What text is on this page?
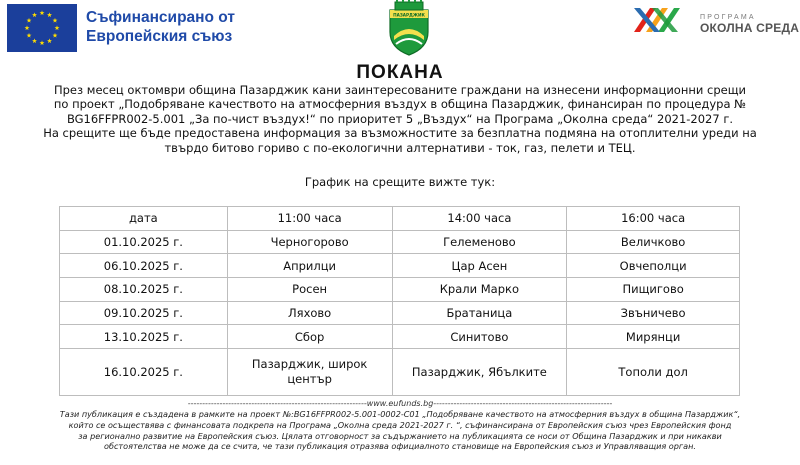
Съфинансирано от
Европейския съюз
ПАЗАРДЖИК	ПРОГРАМА
ОКОЛНА СРЕДА
ПОКАНА

През месец октомври община Пазарджик кани заинтересованите граждани на изнесени информационни срещи

по проект „Подобряване качеството на атмосферния въздух в община Пазарджик, финансиран по процедура №

BG16FFPR002-5.001 „За по-чист въздух!“ по приоритет 5 „Въздух“ на Програма „Околна среда“ 2021-2027 г.

На срещите ще бъде предоставена информация за възможностите за безплатна подмяна на отоплителни уреди на

твърдо битово гориво с по-екологични алтернативи - ток, газ, пелети и ТЕЦ.

График на срещите вижте тук:
дата	11:00 часа	14:00 часа	16:00 часа
01.10.2025 г.	Черногорово	Гелеменово	Величково
06.10.2025 г.	Априлци	Цар Асен	Овчеполци
08.10.2025 г.	Росен	Крали Марко	Пищигово
09.10.2025 г.	Ляхово	Братаница	Звъничево
13.10.2025 г.	Сбор	Синитово	Мирянци
16.10.2025 г.	Пазарджик, широк център	Пазарджик, Ябълките	Тополи дол
--------------------------------------------------------------www.eufunds.bg--------------------------------------------------------------

Тази публикация е създадена в рамките на проект №:BG16FFPR002-5.001-0002-C01 „Подобряване качеството на атмосферния въздух в община Пазарджик“,

който се осъществява с финансовата подкрепа на Програма „Околна среда 2021-2027 г. “, съфинансирана от Европейския съюз чрез Европейския фонд

за регионално развитие на Европейския съюз. Цялата отговорност за съдържанието на публикацията се носи от Община Пазарджик и при никакви

обстоятелства не може да се счита, че тази публикация отразява официалното становище на Европейския съюз и Управляващия орган.
